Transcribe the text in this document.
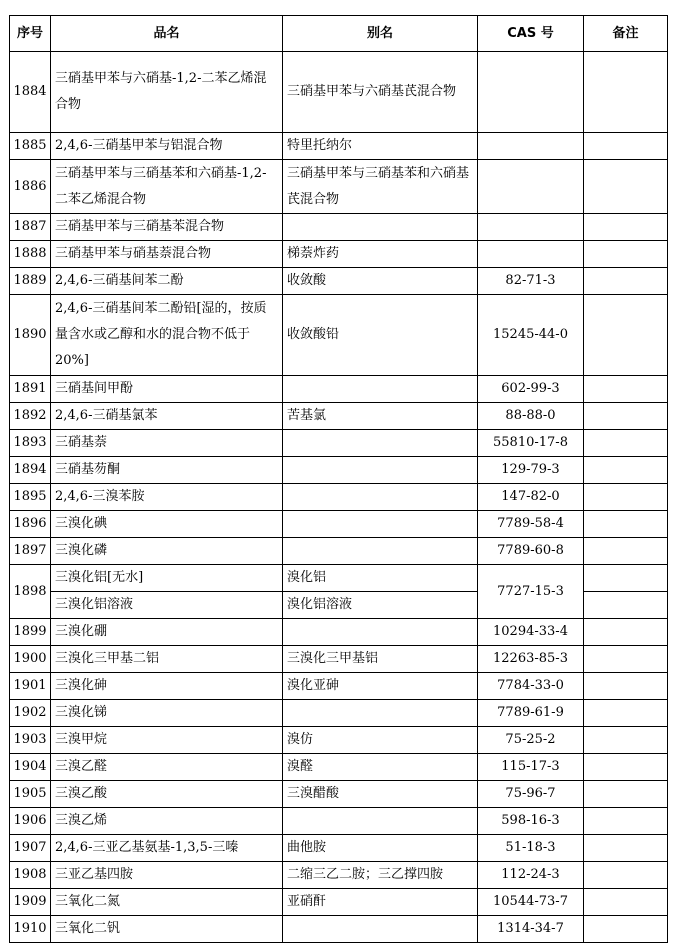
序号	品名	别名	CAS 号	备注
1884	三硝基甲苯与六硝基-1,2-二苯乙烯混合物	三硝基甲苯与六硝基芪混合物		
1885	2,4,6-三硝基甲苯与铝混合物	特里托纳尔		
1886	三硝基甲苯与三硝基苯和六硝基-1,2-二苯乙烯混合物	三硝基甲苯与三硝基苯和六硝基芪混合物		
1887	三硝基甲苯与三硝基苯混合物			
1888	三硝基甲苯与硝基萘混合物	梯萘炸药		
1889	2,4,6-三硝基间苯二酚	收敛酸	82-71-3	
1890	2,4,6-三硝基间苯二酚铅[湿的，按质量含水或乙醇和水的混合物不低于20%]	收敛酸铅	15245-44-0	
1891	三硝基间甲酚		602-99-3	
1892	2,4,6-三硝基氯苯	苦基氯	88-88-0	
1893	三硝基萘		55810-17-8	
1894	三硝基芴酮		129-79-3	
1895	2,4,6-三溴苯胺		147-82-0	
1896	三溴化碘		7789-58-4	
1897	三溴化磷		7789-60-8	
1898	三溴化铝[无水]	溴化铝	7727-15-3	
	三溴化铝溶液	溴化铝溶液		
1899	三溴化硼		10294-33-4	
1900	三溴化三甲基二铝	三溴化三甲基铝	12263-85-3	
1901	三溴化砷	溴化亚砷	7784-33-0	
1902	三溴化锑		7789-61-9	
1903	三溴甲烷	溴仿	75-25-2	
1904	三溴乙醛	溴醛	115-17-3	
1905	三溴乙酸	三溴醋酸	75-96-7	
1906	三溴乙烯		598-16-3	
1907	2,4,6-三亚乙基氨基-1,3,5-三嗪	曲他胺	51-18-3	
1908	三亚乙基四胺	二缩三乙二胺；三乙撑四胺	112-24-3	
1909	三氧化二氮	亚硝酐	10544-73-7	
1910	三氧化二钒		1314-34-7	
